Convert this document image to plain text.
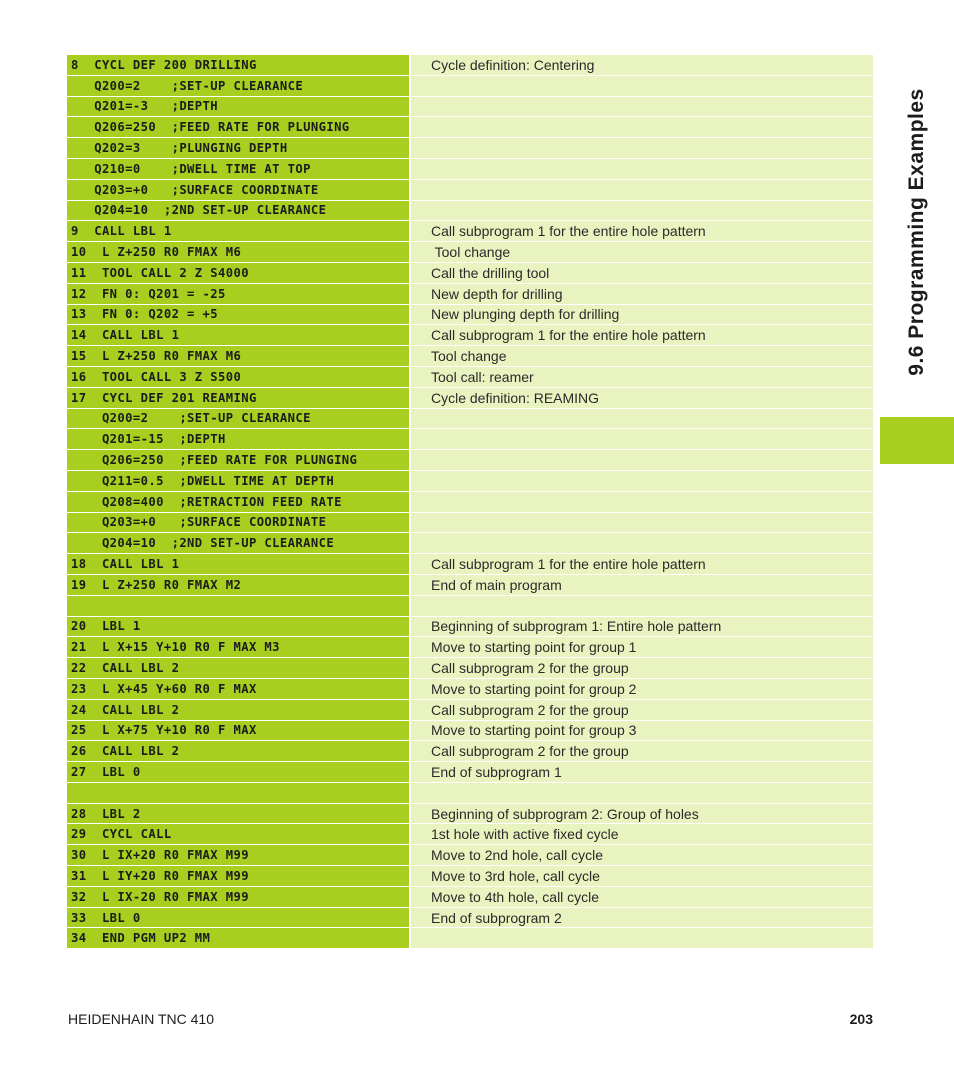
8  CYCL DEF 200 DRILLING	Cycle definition: Centering
Q200=2    ;SET-UP CLEARANCE
Q201=-3   ;DEPTH
Q206=250  ;FEED RATE FOR PLUNGING
Q202=3    ;PLUNGING DEPTH
Q210=0    ;DWELL TIME AT TOP
Q203=+0   ;SURFACE COORDINATE
Q204=10  ;2ND SET-UP CLEARANCE
9  CALL LBL 1	Call subprogram 1 for the entire hole pattern
10  L Z+250 R0 FMAX M6	Tool change
11  TOOL CALL 2 Z S4000	Call the drilling tool
12  FN 0: Q201 = -25	New depth for drilling
13  FN 0: Q202 = +5	New plunging depth for drilling
14  CALL LBL 1	Call subprogram 1 for the entire hole pattern
15  L Z+250 R0 FMAX M6	Tool change
16  TOOL CALL 3 Z S500	Tool call: reamer
17  CYCL DEF 201 REAMING	Cycle definition: REAMING
Q200=2    ;SET-UP CLEARANCE
Q201=-15  ;DEPTH
Q206=250  ;FEED RATE FOR PLUNGING
Q211=0.5  ;DWELL TIME AT DEPTH
Q208=400  ;RETRACTION FEED RATE
Q203=+0   ;SURFACE COORDINATE
Q204=10  ;2ND SET-UP CLEARANCE
18  CALL LBL 1	Call subprogram 1 for the entire hole pattern
19  L Z+250 R0 FMAX M2	End of main program
20  LBL 1	Beginning of subprogram 1: Entire hole pattern
21  L X+15 Y+10 R0 F MAX M3	Move to starting point for group 1
22  CALL LBL 2	Call subprogram 2 for the group
23  L X+45 Y+60 R0 F MAX	Move to starting point for group 2
24  CALL LBL 2	Call subprogram 2 for the group
25  L X+75 Y+10 R0 F MAX	Move to starting point for group 3
26  CALL LBL 2	Call subprogram 2 for the group
27  LBL 0	End of subprogram 1
28  LBL 2	Beginning of subprogram 2: Group of holes
29  CYCL CALL	1st hole with active fixed cycle
30  L IX+20 R0 FMAX M99	Move to 2nd hole, call cycle
31  L IY+20 R0 FMAX M99	Move to 3rd hole, call cycle
32  L IX-20 R0 FMAX M99	Move to 4th hole, call cycle
33  LBL 0	End of subprogram 2
34  END PGM UP2 MM
9.6 Programming Examples
HEIDENHAIN TNC 410	203
